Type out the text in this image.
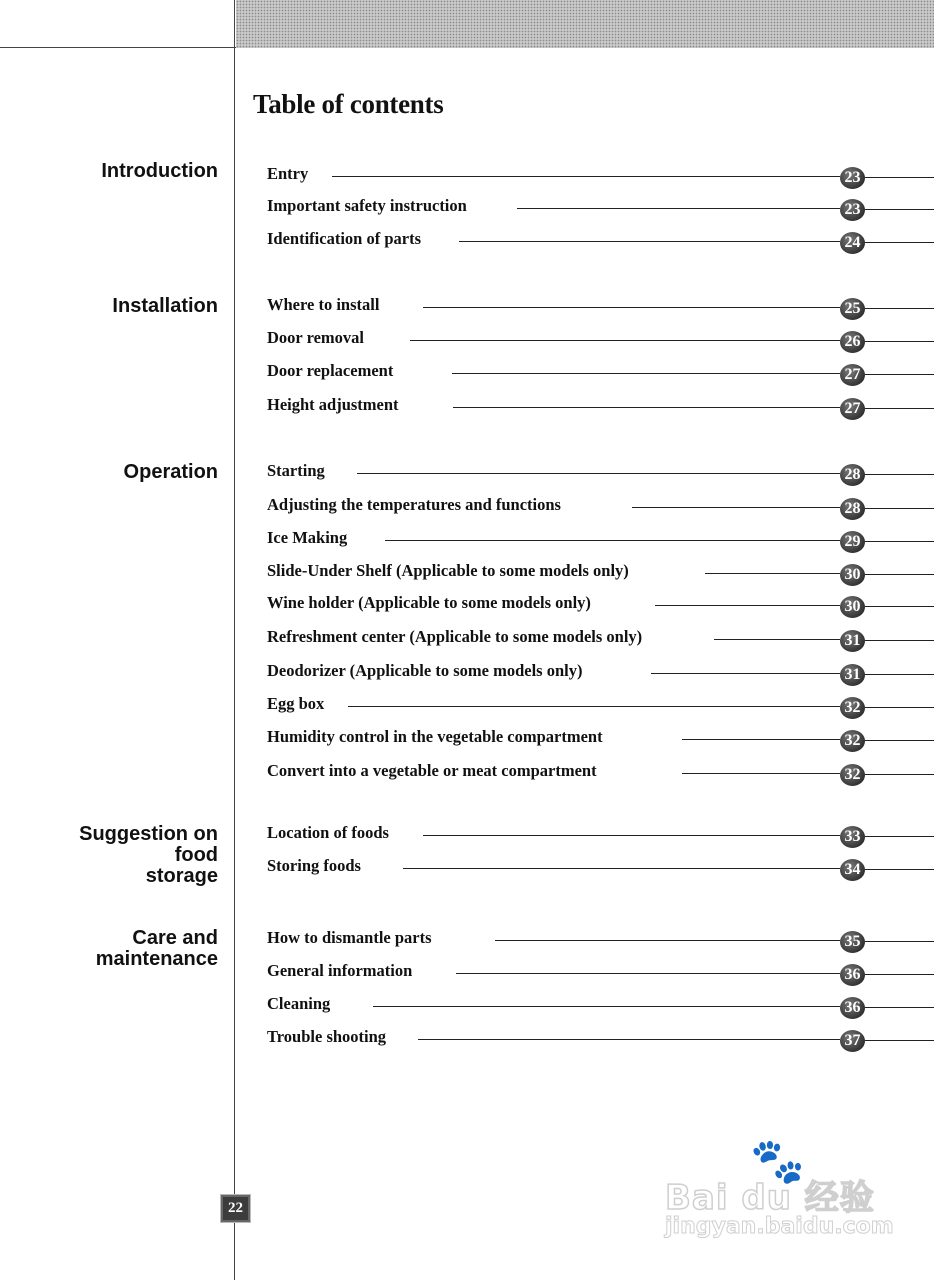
Table of contents
Introduction
Installation
Operation
Suggestion on
food
storage
Care and
maintenance
Entry	23
Important safety instruction	23
Identification of parts	24
Where to install	25
Door removal	26
Door replacement	27
Height adjustment	27
Starting	28
Adjusting the temperatures and functions	28
Ice Making	29
Slide-Under Shelf (Applicable to some models only)	30
Wine holder (Applicable to some models only)	30
Refreshment center (Applicable to some models only)	31
Deodorizer (Applicable to some models only)	31
Egg box	32
Humidity control in the vegetable compartment	32
Convert into a vegetable or meat compartment	32
Location of foods	33
Storing foods	34
How to dismantle parts	35
General information	36
Cleaning	36
Trouble shooting	37
22
🐾
Bai du 经验
jingyan.baidu.com
